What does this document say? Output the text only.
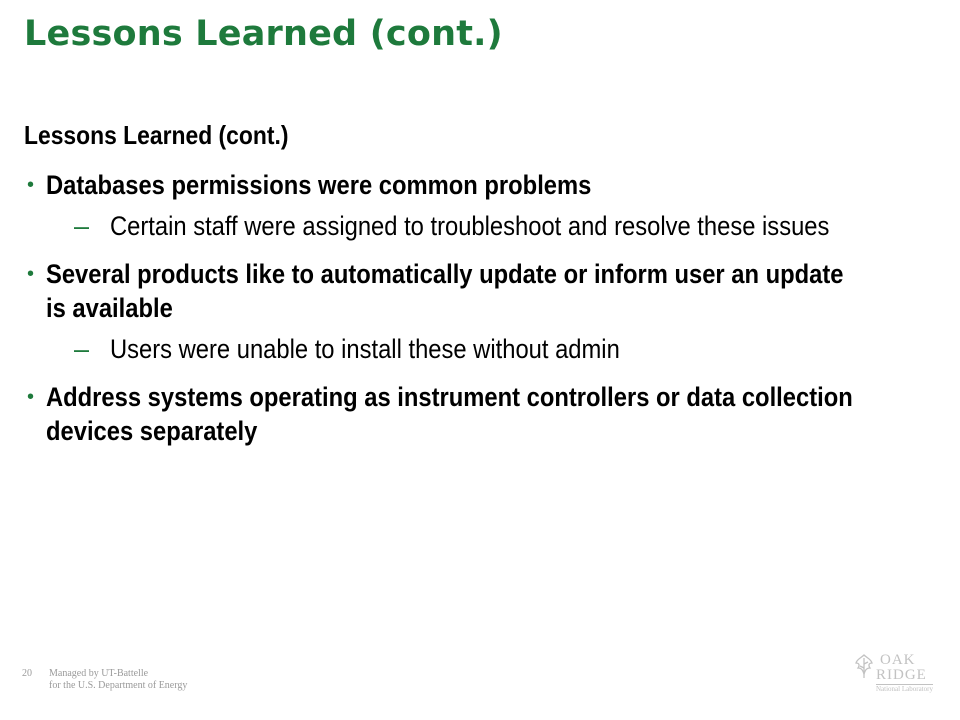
Lessons Learned (cont.)

Lessons Learned (cont.)

• Databases permissions were common problems
– Certain staff were assigned to troubleshoot and resolve these issues
• Several products like to automatically update or inform user an update is available
– Users were unable to install these without admin
• Address systems operating as instrument controllers or data collection devices separately
20 Managed by UT-Battelle
for the U.S. Department of Energy
OAK
RIDGE
National Laboratory
